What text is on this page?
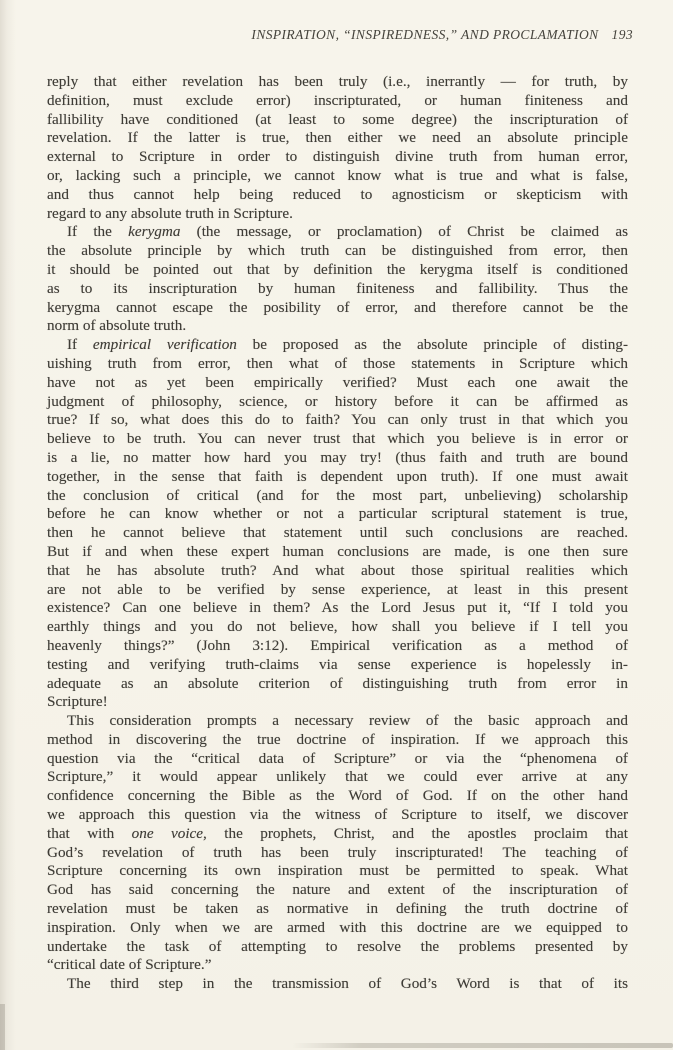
INSPIRATION, “INSPIREDNESS,” AND PROCLAMATION 193

reply that either revelation has been truly (i.e., inerrantly — for truth, by
definition, must exclude error) inscripturated, or human finiteness and
fallibility have conditioned (at least to some degree) the inscripturation of
revelation. If the latter is true, then either we need an absolute principle
external to Scripture in order to distinguish divine truth from human error,
or, lacking such a principle, we cannot know what is true and what is false,
and thus cannot help being reduced to agnosticism or skepticism with
regard to any absolute truth in Scripture.

If the kerygma (the message, or proclamation) of Christ be claimed as
the absolute principle by which truth can be distinguished from error, then
it should be pointed out that by definition the kerygma itself is conditioned
as to its inscripturation by human finiteness and fallibility. Thus the
kerygma cannot escape the posibility of error, and therefore cannot be the
norm of absolute truth.

If empirical verification be proposed as the absolute principle of disting-
uishing truth from error, then what of those statements in Scripture which
have not as yet been empirically verified? Must each one await the
judgment of philosophy, science, or history before it can be affirmed as
true? If so, what does this do to faith? You can only trust in that which you
believe to be truth. You can never trust that which you believe is in error or
is a lie, no matter how hard you may try! (thus faith and truth are bound
together, in the sense that faith is dependent upon truth). If one must await
the conclusion of critical (and for the most part, unbelieving) scholarship
before he can know whether or not a particular scriptural statement is true,
then he cannot believe that statement until such conclusions are reached.
But if and when these expert human conclusions are made, is one then sure
that he has absolute truth? And what about those spiritual realities which
are not able to be verified by sense experience, at least in this present
existence? Can one believe in them? As the Lord Jesus put it, “If I told you
earthly things and you do not believe, how shall you believe if I tell you
heavenly things?” (John 3:12). Empirical verification as a method of
testing and verifying truth-claims via sense experience is hopelessly in-
adequate as an absolute criterion of distinguishing truth from error in
Scripture!

This consideration prompts a necessary review of the basic approach and
method in discovering the true doctrine of inspiration. If we approach this
question via the “critical data of Scripture” or via the “phenomena of
Scripture,” it would appear unlikely that we could ever arrive at any
confidence concerning the Bible as the Word of God. If on the other hand
we approach this question via the witness of Scripture to itself, we discover
that with one voice, the prophets, Christ, and the apostles proclaim that
God’s revelation of truth has been truly inscripturated! The teaching of
Scripture concerning its own inspiration must be permitted to speak. What
God has said concerning the nature and extent of the inscripturation of
revelation must be taken as normative in defining the truth doctrine of
inspiration. Only when we are armed with this doctrine are we equipped to
undertake the task of attempting to resolve the problems presented by
“critical date of Scripture.”

The third step in the transmission of God’s Word is that of its
